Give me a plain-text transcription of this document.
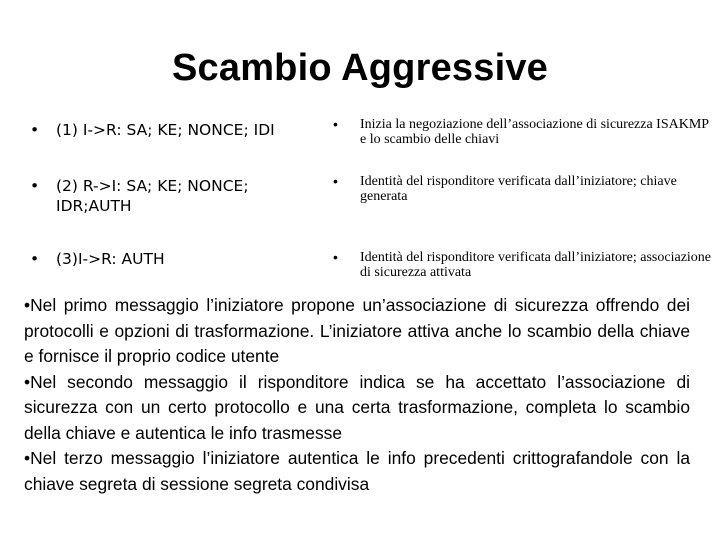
Scambio Aggressive
• (1) I->R: SA; KE; NONCE; IDI
• (2) R->I: SA; KE; NONCE; IDR;AUTH
• (3)I->R: AUTH
• Inizia la negoziazione dell’associazione di sicurezza ISAKMP e lo scambio delle chiavi
• Identità del risponditore verificata dall’iniziatore; chiave generata
• Identità del risponditore verificata dall’iniziatore; associazione di sicurezza attivata

•Nel primo messaggio l’iniziatore propone un’associazione di sicurezza offrendo dei protocolli e opzioni di trasformazione. L’iniziatore attiva anche lo scambio della chiave e fornisce il proprio codice utente

•Nel secondo messaggio il risponditore indica se ha accettato l’associazione di sicurezza con un certo protocollo e una certa trasformazione, completa lo scambio della chiave e autentica le info trasmesse

•Nel terzo messaggio l’iniziatore autentica le info precedenti crittografandole con la chiave segreta di sessione segreta condivisa
